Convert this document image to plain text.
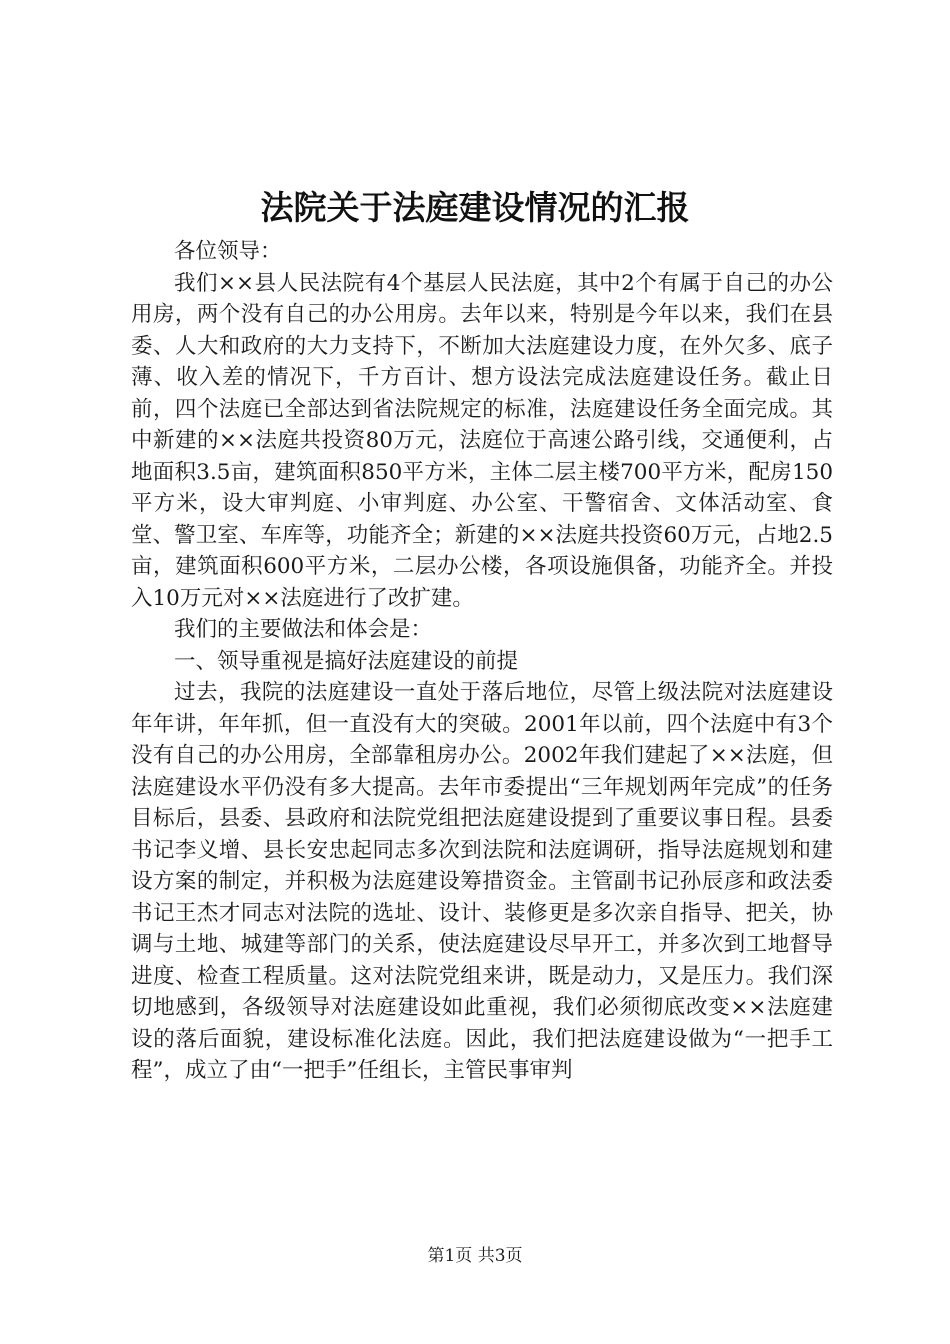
法院关于法庭建设情况的汇报

各位领导：

我们××县人民法院有4个基层人民法庭，其中2个有属于自己的办公用房，两个没有自己的办公用房。去年以来，特别是今年以来，我们在县委、人大和政府的大力支持下，不断加大法庭建设力度，在外欠多、底子薄、收入差的情况下，千方百计、想方设法完成法庭建设任务。截止日前，四个法庭已全部达到省法院规定的标准，法庭建设任务全面完成。其中新建的××法庭共投资80万元，法庭位于高速公路引线，交通便利，占地面积3.5亩，建筑面积850平方米，主体二层主楼700平方米，配房150平方米，设大审判庭、小审判庭、办公室、干警宿舍、文体活动室、食堂、警卫室、车库等，功能齐全；新建的××法庭共投资60万元，占地2.5亩，建筑面积600平方米，二层办公楼，各项设施俱备，功能齐全。并投入10万元对××法庭进行了改扩建。

我们的主要做法和体会是：

一、领导重视是搞好法庭建设的前提

过去，我院的法庭建设一直处于落后地位，尽管上级法院对法庭建设年年讲，年年抓，但一直没有大的突破。2001年以前，四个法庭中有3个没有自己的办公用房，全部靠租房办公。2002年我们建起了××法庭，但法庭建设水平仍没有多大提高。去年市委提出“三年规划两年完成”的任务目标后，县委、县政府和法院党组把法庭建设提到了重要议事日程。县委书记李义增、县长安忠起同志多次到法院和法庭调研，指导法庭规划和建设方案的制定，并积极为法庭建设筹措资金。主管副书记孙辰彦和政法委书记王杰才同志对法院的选址、设计、装修更是多次亲自指导、把关，协调与土地、城建等部门的关系，使法庭建设尽早开工，并多次到工地督导进度、检查工程质量。这对法院党组来讲，既是动力，又是压力。我们深切地感到，各级领导对法庭建设如此重视，我们必须彻底改变××法庭建设的落后面貌，建设标准化法庭。因此，我们把法庭建设做为“一把手工程”，成立了由“一把手”任组长，主管民事审判

第1页 共3页
